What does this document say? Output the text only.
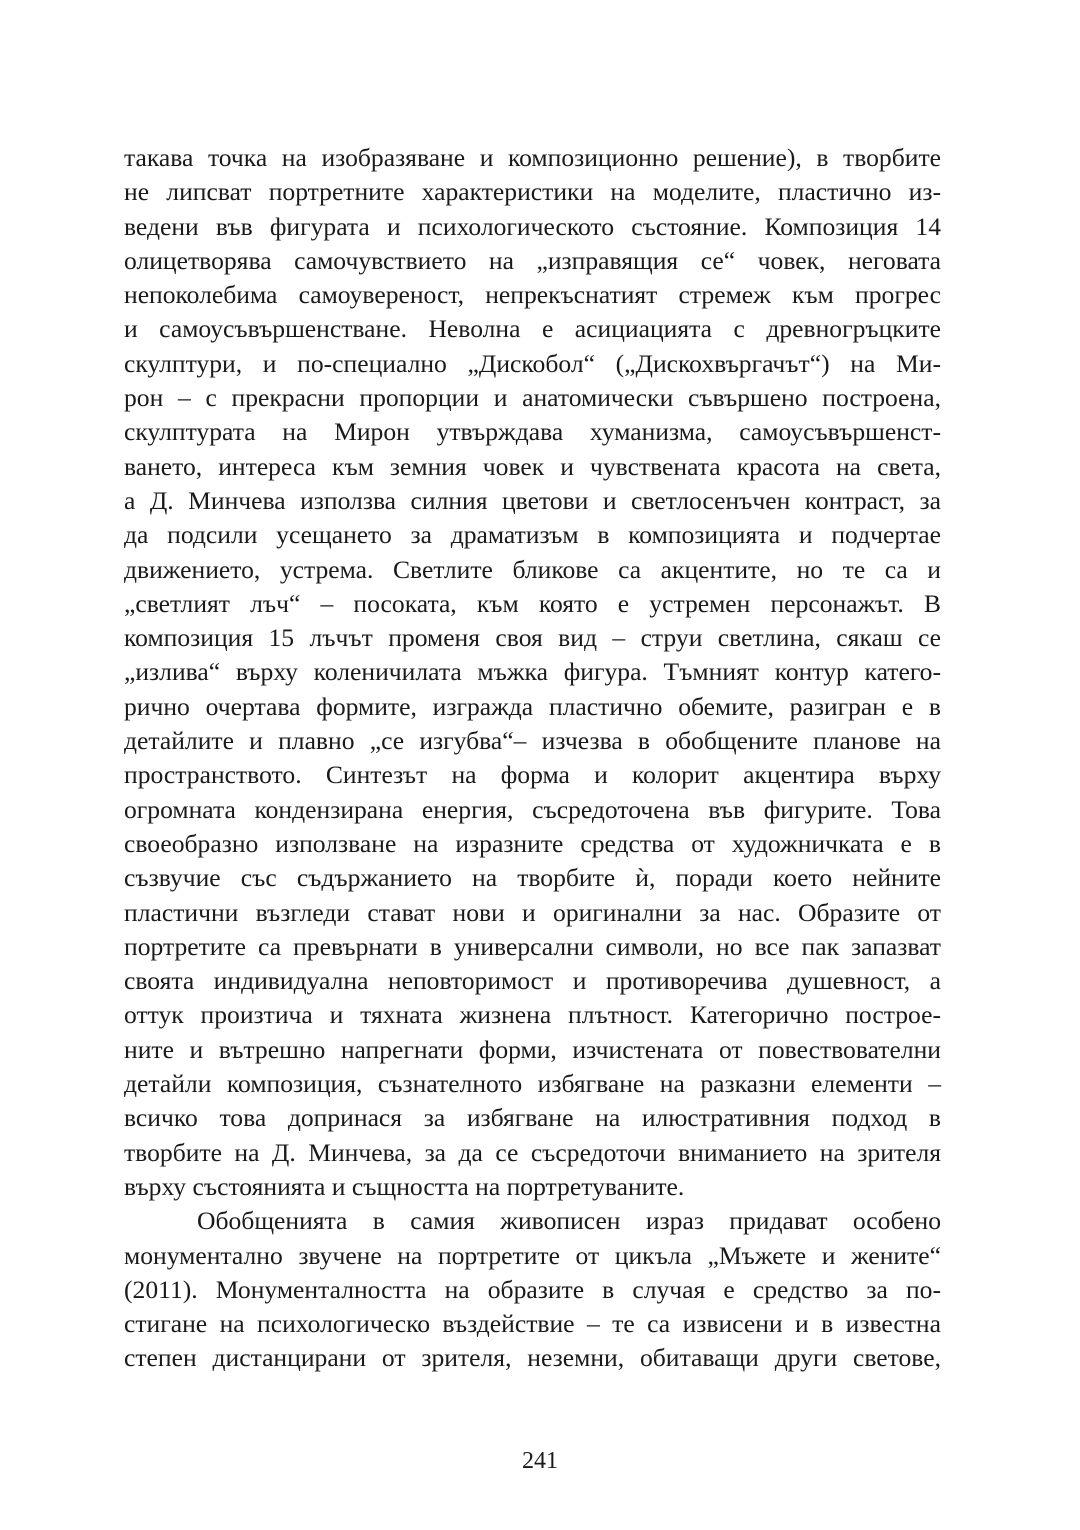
такава точка на изобразяване и композиционно решение), в творбите
не липсват портретните характеристики на моделите, пластично из-
ведени във фигурата и психологическото състояние. Композиция 14
олицетворява самочувствието на „изправящия се“ човек, неговата
непоколебима самоувереност, непрекъснатият стремеж към прогрес
и самоусъвършенстване. Неволна е асициацията с древногръцките
скулптури, и по-специално „Дискобол“ („Дискохвъргачът“) на Ми-
рон – с прекрасни пропорции и анатомически съвършено построена,
скулптурата на Мирон утвърждава хуманизма, самоусъвършенст-
ването, интереса към земния човек и чувствената красота на света,
а Д. Минчева използва силния цветови и светлосенъчен контраст, за
да подсили усещането за драматизъм в композицията и подчертае
движението, устрема. Светлите бликове са акцентите, но те са и
„светлият лъч“ – посоката, към която е устремен персонажът. В
композиция 15 лъчът променя своя вид – струи светлина, сякаш се
„излива“ върху коленичилата мъжка фигура. Тъмният контур катего-
рично очертава формите, изгражда пластично обемите, разигран е в
детайлите и плавно „се изгубва“– изчезва в обобщените планове на
пространството. Синтезът на форма и колорит акцентира върху
огромната кондензирана енергия, съсредоточена във фигурите. Това
своеобразно използване на изразните средства от художничката е в
съзвучие със съдържанието на творбите ѝ, поради което нейните
пластични възгледи стават нови и оригинални за нас. Образите от
портретите са превърнати в универсални символи, но все пак запазват
своята индивидуална неповторимост и противоречива душевност, а
оттук произтича и тяхната жизнена плътност. Категорично построе-
ните и вътрешно напрегнати форми, изчистената от повествователни
детайли композиция, съзнателното избягване на разказни елементи –
всичко това допринася за избягване на илюстративния подход в
творбите на Д. Минчева, за да се съсредоточи вниманието на зрителя
върху състоянията и същността на портретуваните.
Обобщенията в самия живописен израз придават особено
монументално звучене на портретите от цикъла „Мъжете и жените“
(2011). Монументалността на образите в случая е средство за по-
стигане на психологическо въздействие – те са извисени и в известна
степен дистанцирани от зрителя, неземни, обитаващи други светове,
241
